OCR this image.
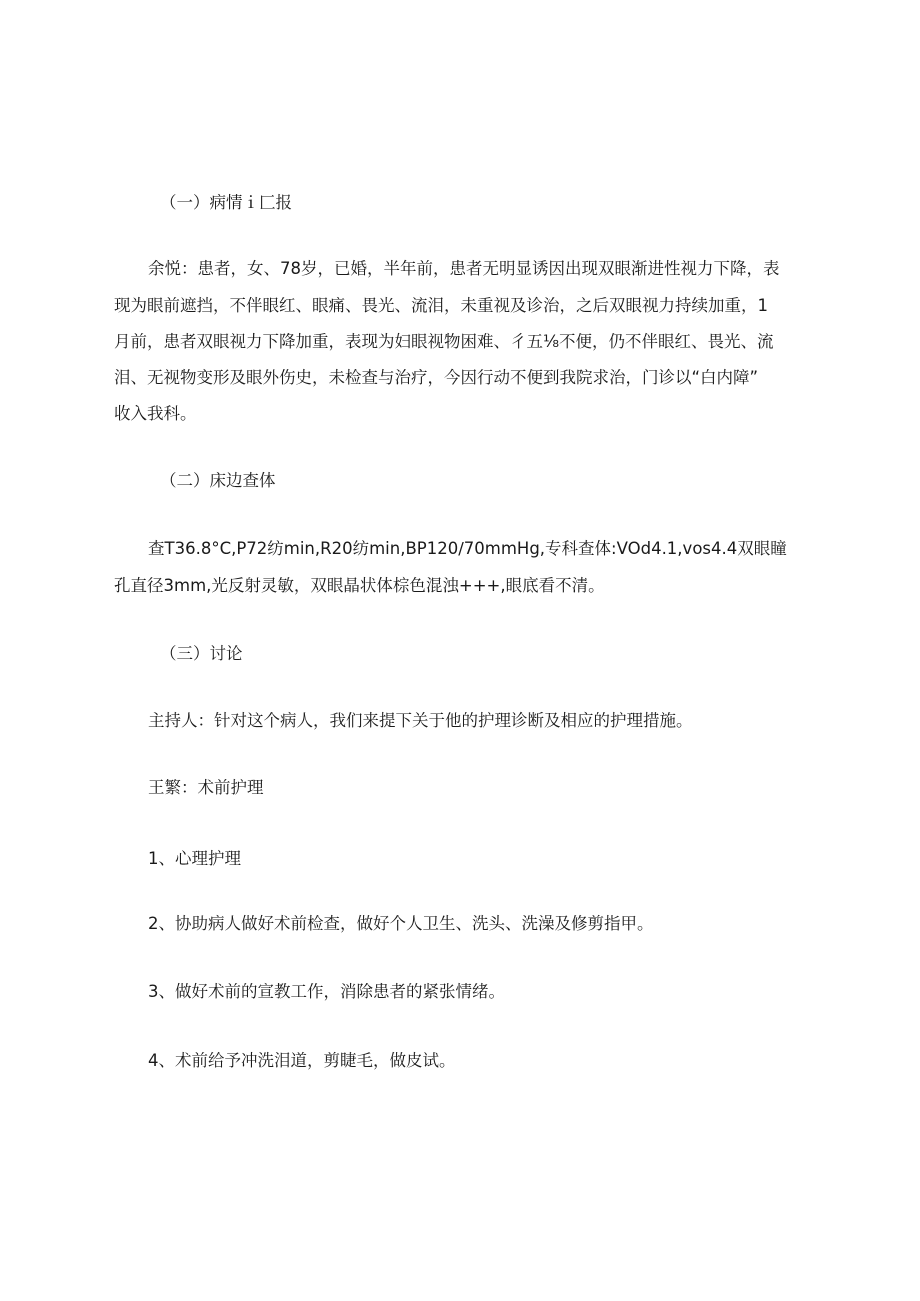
（一）病情ｉ匚报
余悦：患者，女、78岁，已婚，半年前，患者无明显诱因出现双眼渐进性视力下降，表
现为眼前遮挡，不伴眼红、眼痛、畏光、流泪，未重视及诊治，之后双眼视力持续加重，1
月前，患者双眼视力下降加重，表现为妇眼视物困难、彳五⅛不便，仍不伴眼红、畏光、流
泪、无视物变形及眼外伤史，未检查与治疗，今因行动不便到我院求治，门诊以“白内障”
收入我科。
（二）床边查体
查T36.8°C,P72纺min,R20纺min,BP120∕70mmHg,专科查体:VOd4.1,vos4.4双眼瞳
孔直径3mm,光反射灵敏，双眼晶状体棕色混浊+++,眼底看不清。
（三）讨论
主持人：针对这个病人，我们来提下关于他的护理诊断及相应的护理措施。
王繁：术前护理
1、心理护理
2、协助病人做好术前检查，做好个人卫生、洗头、洗澡及修剪指甲。
3、做好术前的宣教工作，消除患者的紧张情绪。
4、术前给予冲洗泪道，剪睫毛，做皮试。
